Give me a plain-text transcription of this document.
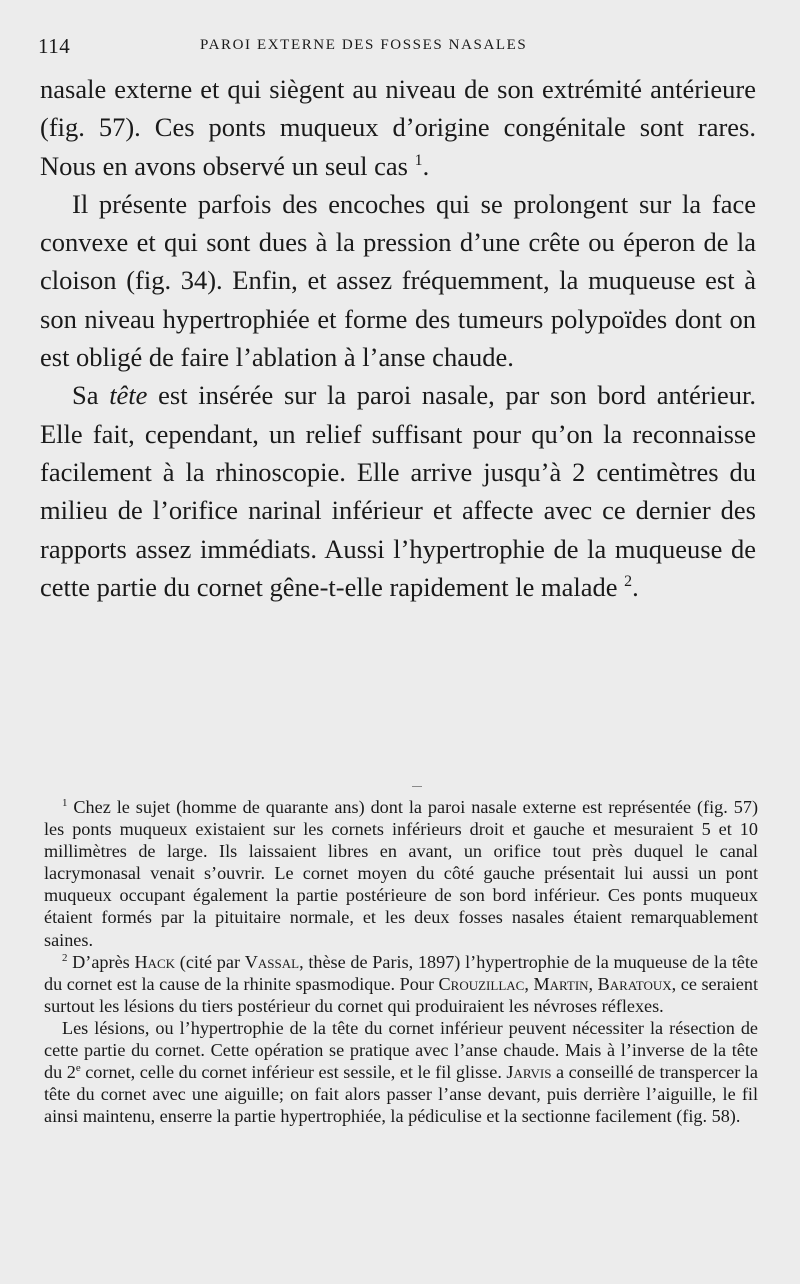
114	PAROI EXTERNE DES FOSSES NASALES

nasale externe et qui siègent au niveau de son extrémité antérieure (fig. 57). Ces ponts muqueux d’origine congénitale sont rares. Nous en avons observé un seul cas $^1$.

Il présente parfois des encoches qui se prolongent sur la face convexe et qui sont dues à la pression d’une crête ou éperon de la cloison (fig. 34). Enfin, et assez fréquemment, la muqueuse est à son niveau hypertrophiée et forme des tumeurs polypoïdes dont on est obligé de faire l’ablation à l’anse chaude.

Sa tête est insérée sur la paroi nasale, par son bord antérieur. Elle fait, cependant, un relief suffisant pour qu’on la reconnaisse facilement à la rhinoscopie. Elle arrive jusqu’à 2 centimètres du milieu de l’orifice narinal inférieur et affecte avec ce dernier des rapports assez immédiats. Aussi l’hypertrophie de la muqueuse de cette partie du cornet gêne-t-elle rapidement le malade $^2$.

$^1$ Chez le sujet (homme de quarante ans) dont la paroi nasale externe est représentée (fig. 57) les ponts muqueux existaient sur les cornets inférieurs droit et gauche et mesuraient 5 et 10 millimètres de large. Ils laissaient libres en avant, un orifice tout près duquel le canal lacrymonasal venait s’ouvrir. Le cornet moyen du côté gauche présentait lui aussi un pont muqueux occupant également la partie postérieure de son bord inférieur. Ces ponts muqueux étaient formés par la pituitaire normale, et les deux fosses nasales étaient remarquablement saines.

$^2$ D’après Hack (cité par Vassal, thèse de Paris, 1897) l’hypertrophie de la muqueuse de la tête du cornet est la cause de la rhinite spasmodique. Pour Crouzillac, Martin, Baratoux, ce seraient surtout les lésions du tiers postérieur du cornet qui produiraient les névroses réflexes.

Les lésions, ou l’hypertrophie de la tête du cornet inférieur peuvent nécessiter la résection de cette partie du cornet. Cette opération se pratique avec l’anse chaude. Mais à l’inverse de la tête du 2e cornet, celle du cornet inférieur est sessile, et le fil glisse. Jarvis a conseillé de transpercer la tête du cornet avec une aiguille; on fait alors passer l’anse devant, puis derrière l’aiguille, le fil ainsi maintenu, enserre la partie hypertrophiée, la pédiculise et la sectionne facilement (fig. 58).
